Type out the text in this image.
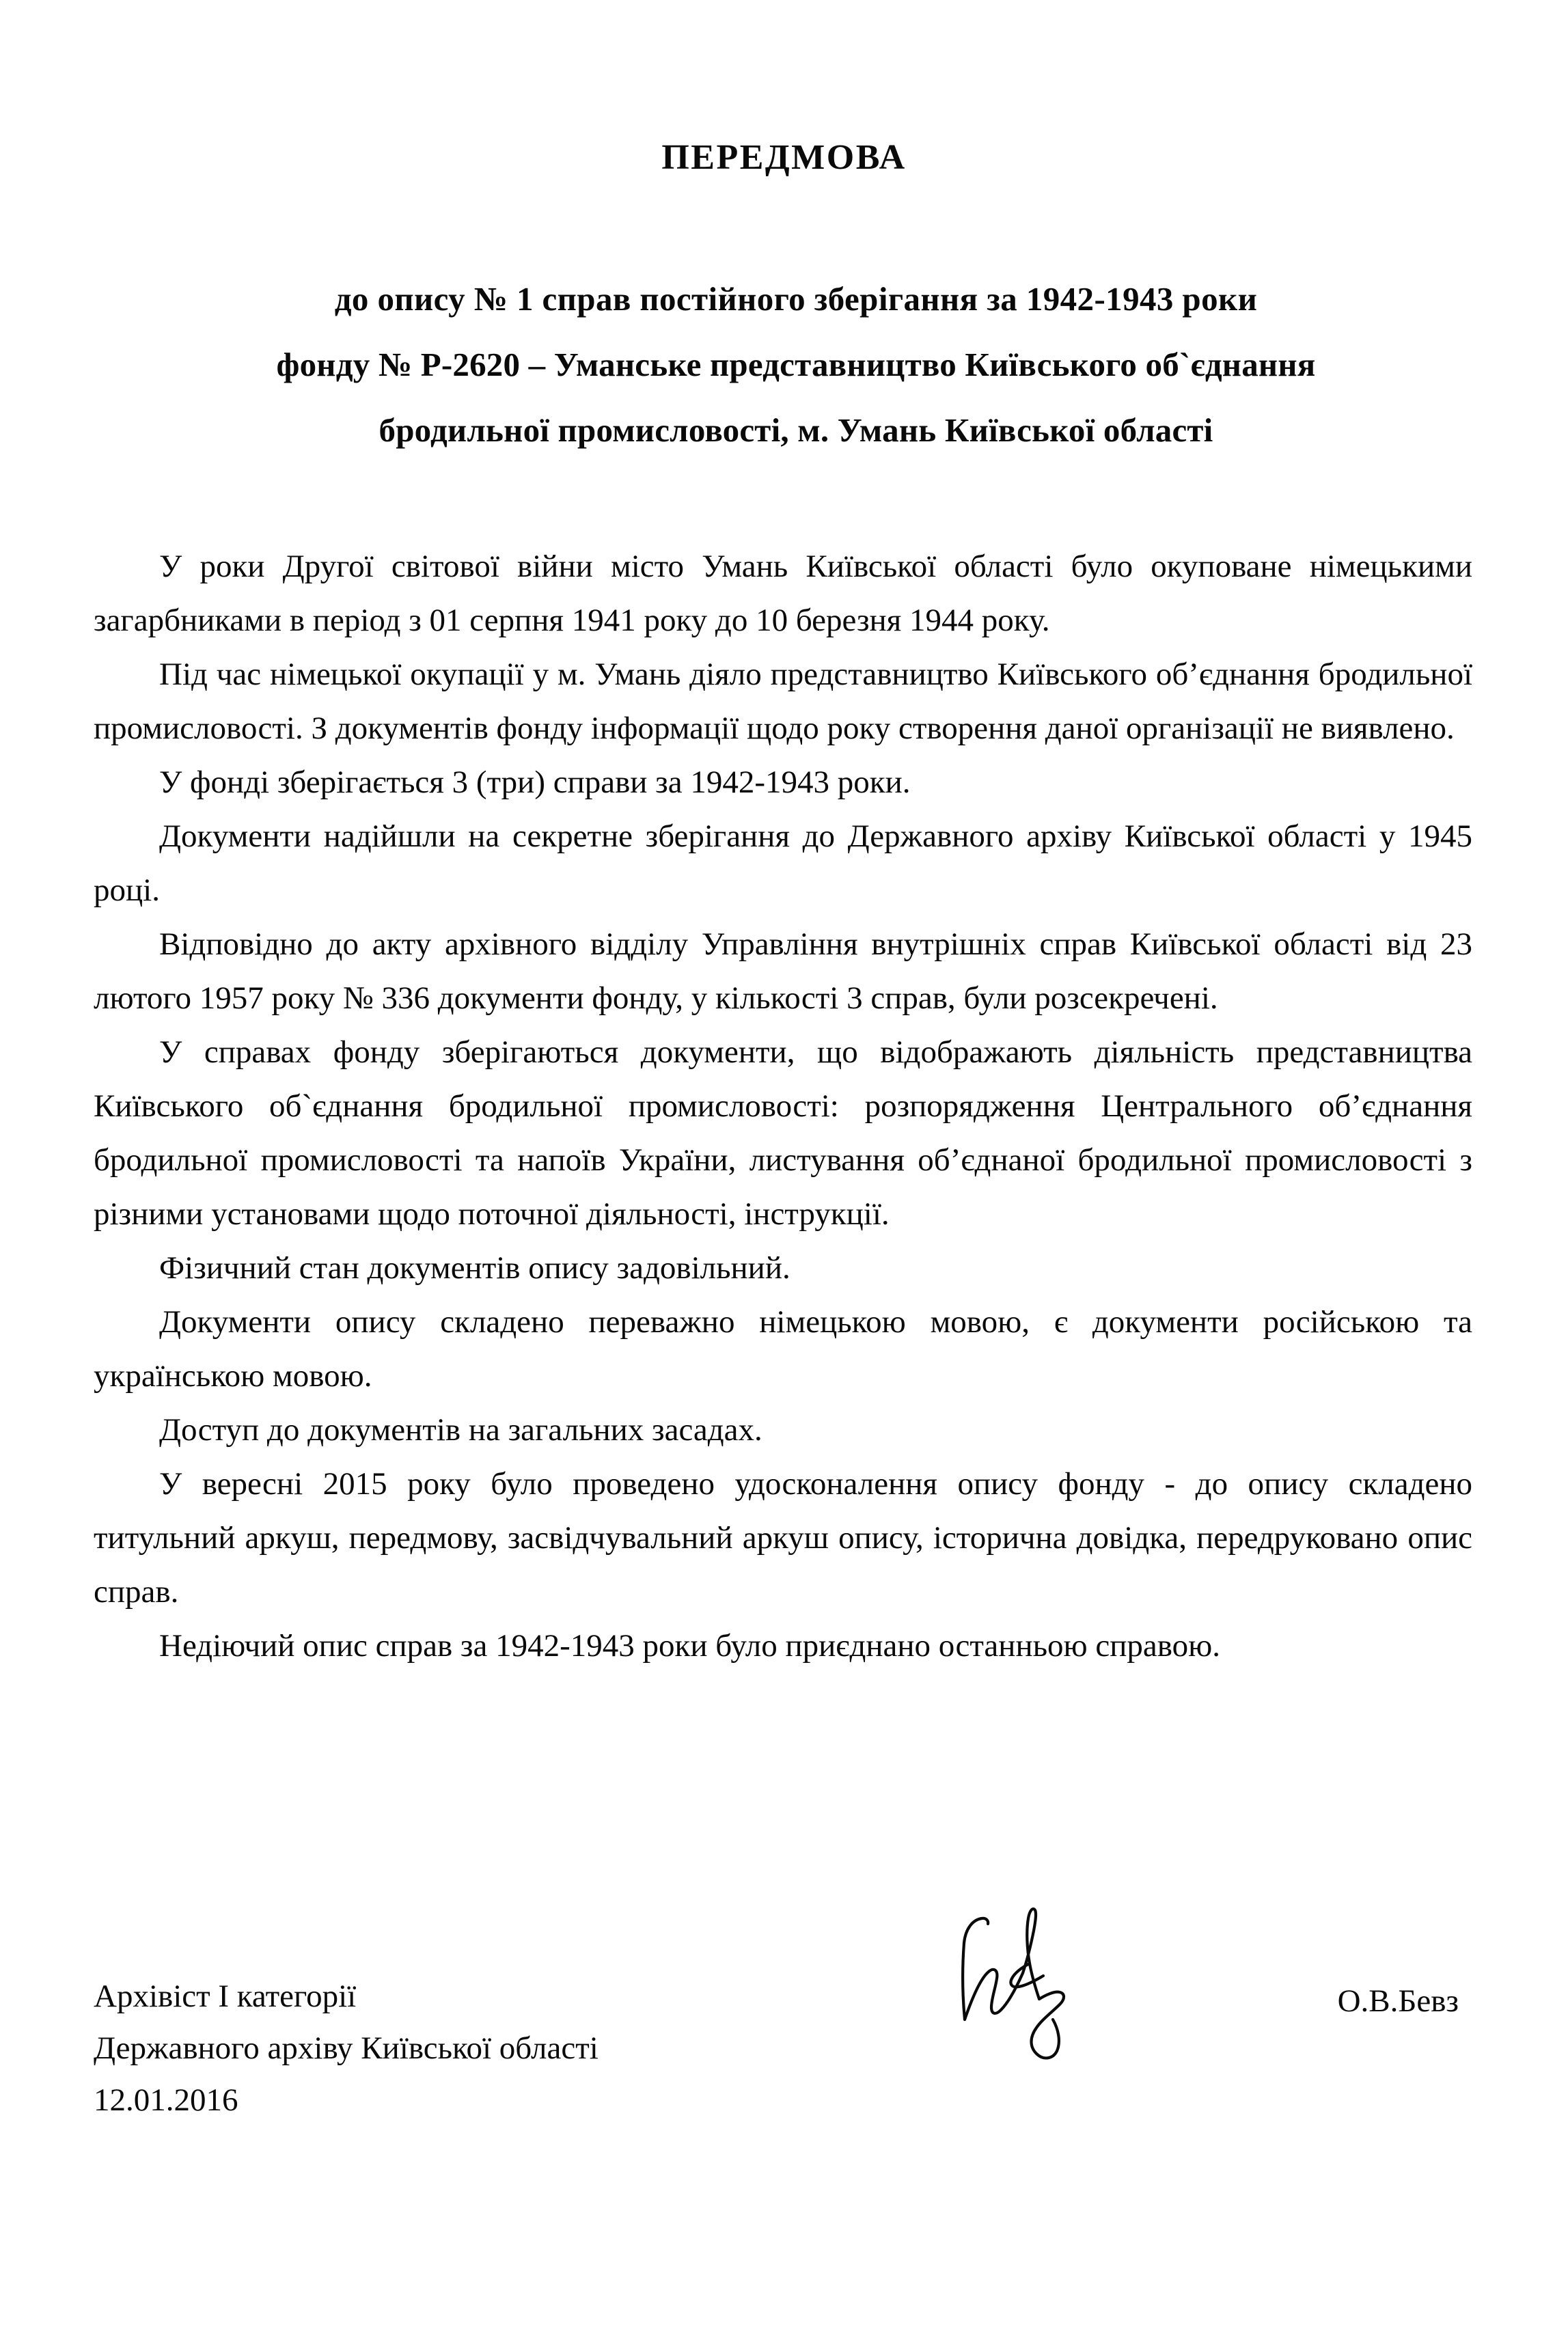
ПЕРЕДМОВА
до опису № 1 справ постійного зберігання за 1942-1943 роки
фонду № Р-2620 – Уманське представництво Київського об`єднання
бродильної промисловості, м. Умань Київської області

У роки Другої світової війни місто Умань Київської області було окуповане німецькими загарбниками в період з 01 серпня 1941 року до 10 березня 1944 року.

Під час німецької окупації у м. Умань діяло представництво Київського об’єднання бродильної промисловості. З документів фонду інформації щодо року створення даної організації не виявлено.

У фонді зберігається 3 (три) справи за 1942-1943 роки.

Документи надійшли на секретне зберігання до Державного архіву Київської області у 1945 році.

Відповідно до акту архівного відділу Управління внутрішніх справ Київської області від 23 лютого 1957 року № 336 документи фонду, у кількості 3 справ, були розсекречені.

У справах фонду зберігаються документи, що відображають діяльність представництва Київського об`єднання бродильної промисловості: розпорядження Центрального об’єднання бродильної промисловості та напоїв України, листування об’єднаної бродильної промисловості з різними установами щодо поточної діяльності, інструкції.

Фізичний стан документів опису задовільний.

Документи опису складено переважно німецькою мовою, є документи російською та українською мовою.

Доступ до документів на загальних засадах.

У вересні 2015 року було проведено удосконалення опису фонду - до опису складено титульний аркуш, передмову, засвідчувальний аркуш опису, історична довідка, передруковано опис справ.

Недіючий опис справ за 1942-1943 роки було приєднано останньою справою.

Архівіст І категорії
Державного архіву Київської області
12.01.2016
О.В.Бевз
